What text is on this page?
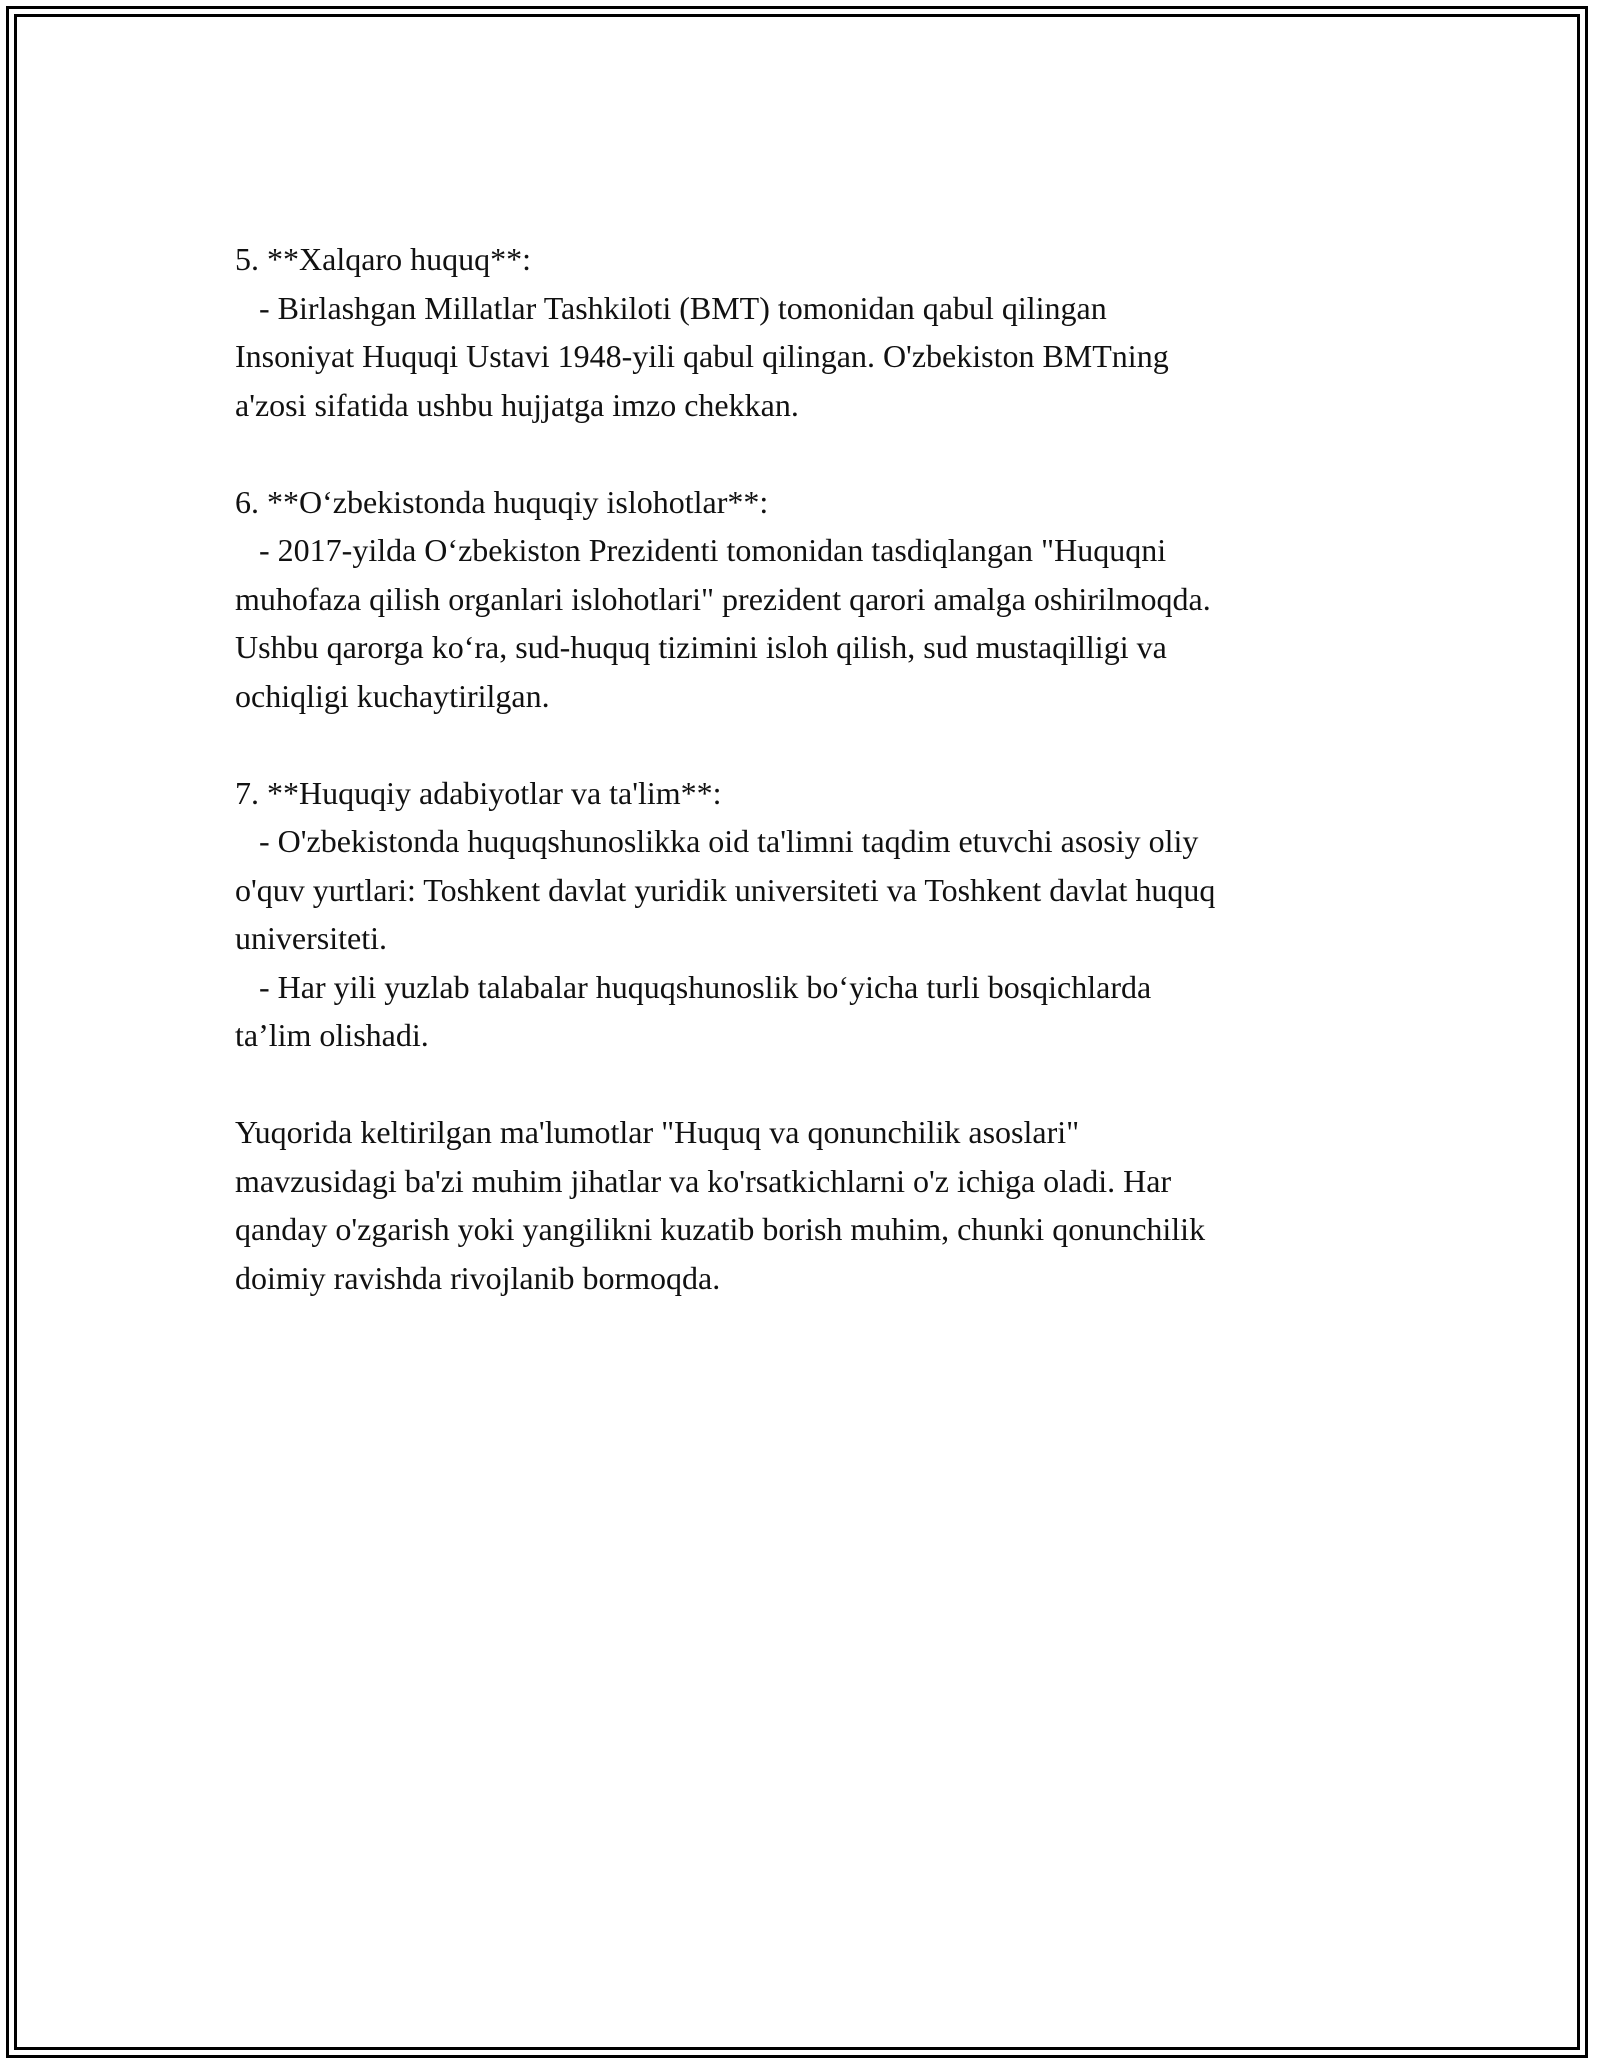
5. **Xalqaro huquq**:
- Birlashgan Millatlar Tashkiloti (BMT) tomonidan qabul qilingan
Insoniyat Huquqi Ustavi 1948-yili qabul qilingan. O'zbekiston BMTning
a'zosi sifatida ushbu hujjatga imzo chekkan.
6. **O‘zbekistonda huquqiy islohotlar**:
- 2017-yilda O‘zbekiston Prezidenti tomonidan tasdiqlangan "Huquqni
muhofaza qilish organlari islohotlari" prezident qarori amalga oshirilmoqda.
Ushbu qarorga ko‘ra, sud-huquq tizimini isloh qilish, sud mustaqilligi va
ochiqligi kuchaytirilgan.
7. **Huquqiy adabiyotlar va ta'lim**:
- O'zbekistonda huquqshunoslikka oid ta'limni taqdim etuvchi asosiy oliy
o'quv yurtlari: Toshkent davlat yuridik universiteti va Toshkent davlat huquq
universiteti.
- Har yili yuzlab talabalar huquqshunoslik bo‘yicha turli bosqichlarda
ta’lim olishadi.
Yuqorida keltirilgan ma'lumotlar "Huquq va qonunchilik asoslari"
mavzusidagi ba'zi muhim jihatlar va ko'rsatkichlarni o'z ichiga oladi. Har
qanday o'zgarish yoki yangilikni kuzatib borish muhim, chunki qonunchilik
doimiy ravishda rivojlanib bormoqda.
